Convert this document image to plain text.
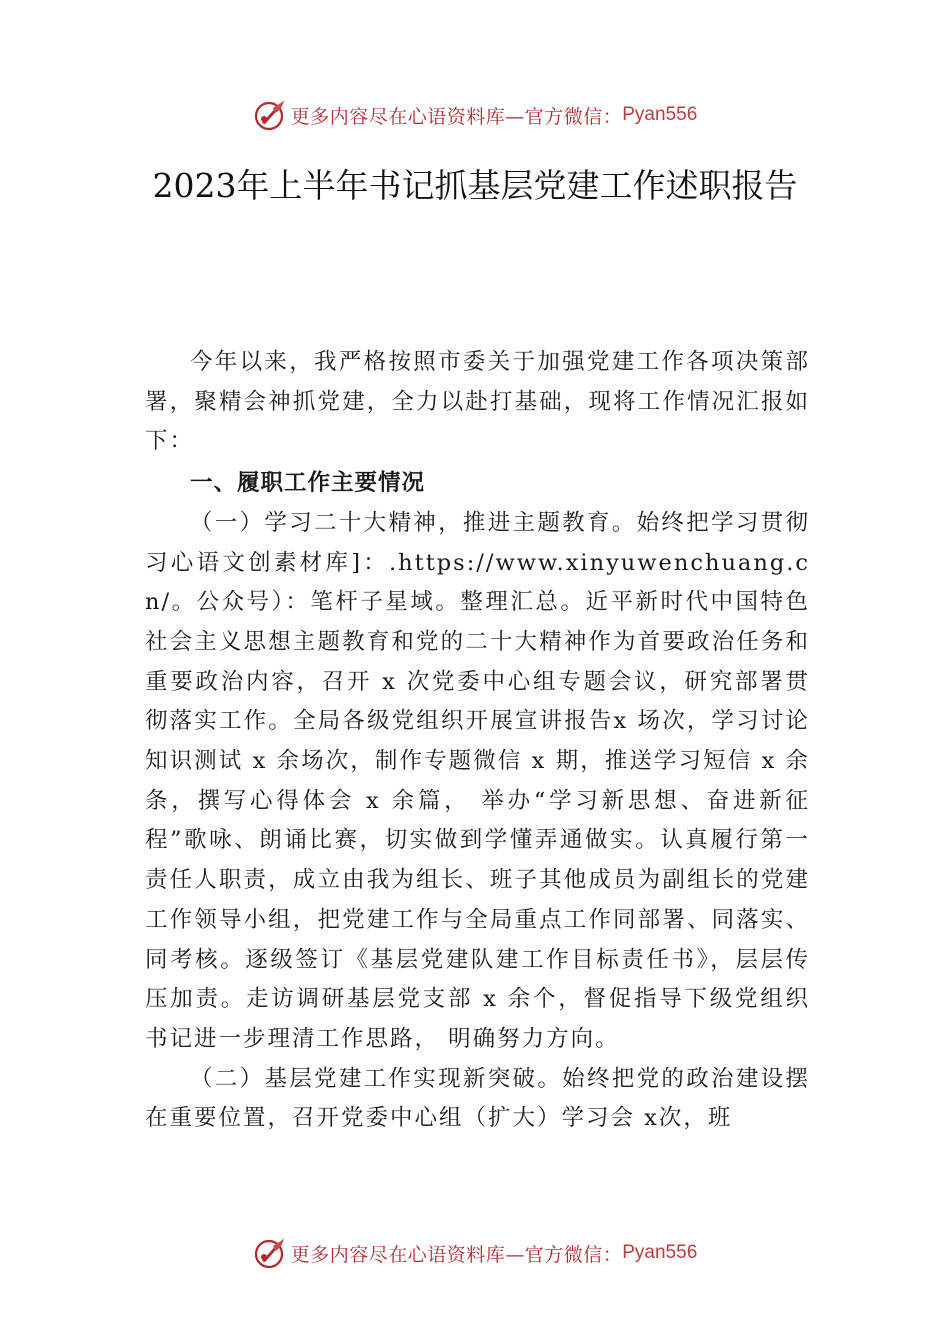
更多内容尽在心语资料库—官方微信： Pyan556
2023年上半年书记抓基层党建工作述职报告

今年以来，我严格按照市委关于加强党建工作各项决策部署，聚精会神抓党建，全力以赴打基础，现将工作情况汇报如下：

一、履职工作主要情况

（一）学习二十大精神，推进主题教育。始终把学习贯彻习心语文创素材库]：.https://www.xinyuwenchuang.cn/。公众号）：笔杆子星域。整理汇总。近平新时代中国特色社会主义思想主题教育和党的二十大精神作为首要政治任务和重要政治内容，召开 x 次党委中心组专题会议，研究部署贯彻落实工作。全局各级党组织开展宣讲报告x 场次，学习讨论知识测试 x 余场次，制作专题微信 x 期，推送学习短信 x 余条，撰写心得体会 x 余篇， 举办“学习新思想、奋进新征程”歌咏、朗诵比赛，切实做到学懂弄通做实。认真履行第一责任人职责，成立由我为组长、班子其他成员为副组长的党建工作领导小组，把党建工作与全局重点工作同部署、同落实、同考核。逐级签订《基层党建队建工作目标责任书》，层层传压加责。走访调研基层党支部 x 余个，督促指导下级党组织书记进一步理清工作思路， 明确努力方向。

（二）基层党建工作实现新突破。始终把党的政治建设摆在重要位置，召开党委中心组（扩大）学习会 x次，班

更多内容尽在心语资料库—官方微信： Pyan556
